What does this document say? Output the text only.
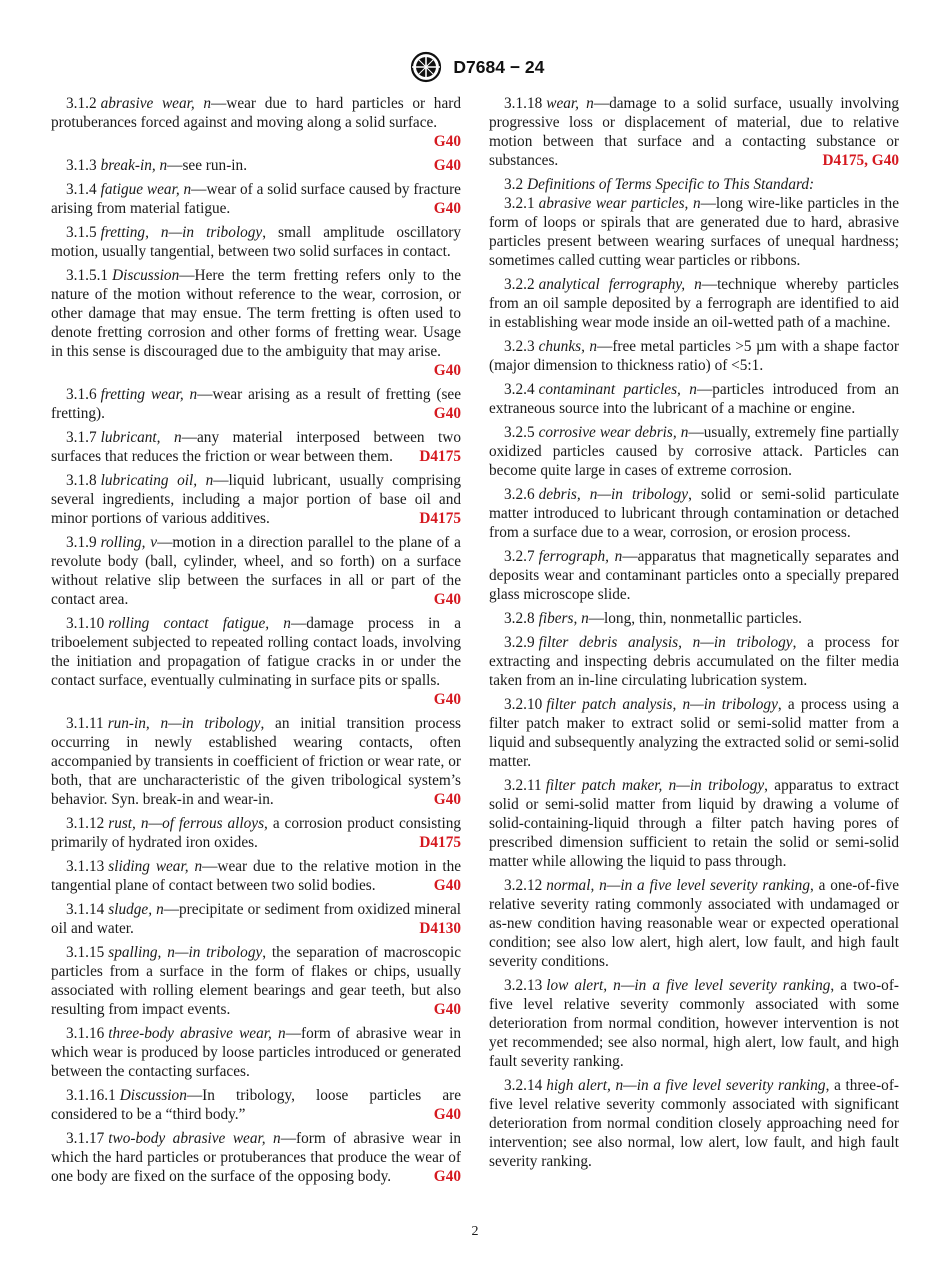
D7684 − 24

3.1.2 abrasive wear, n—wear due to hard particles or hard protuberances forced against and moving along a solid surface.
G40

3.1.3 break-in, n—see run-in.	G40

3.1.4 fatigue wear, n—wear of a solid surface caused by fracture arising from material fatigue.	G40

3.1.5 fretting, n—in tribology, small amplitude oscillatory motion, usually tangential, between two solid surfaces in contact.

3.1.5.1 Discussion—Here the term fretting refers only to the nature of the motion without reference to the wear, corrosion, or other damage that may ensue. The term fretting is often used to denote fretting corrosion and other forms of fretting wear. Usage in this sense is discouraged due to the ambiguity that may arise.
G40

3.1.6 fretting wear, n—wear arising as a result of fretting (see fretting).	G40

3.1.7 lubricant, n—any material interposed between two surfaces that reduces the friction or wear between them. D4175

3.1.8 lubricating oil, n—liquid lubricant, usually comprising several ingredients, including a major portion of base oil and minor portions of various additives.	D4175

3.1.9 rolling, v—motion in a direction parallel to the plane of a revolute body (ball, cylinder, wheel, and so forth) on a surface without relative slip between the surfaces in all or part of the contact area.	G40

3.1.10 rolling contact fatigue, n—damage process in a triboelement subjected to repeated rolling contact loads, involving the initiation and propagation of fatigue cracks in or under the contact surface, eventually culminating in surface pits or spalls.
G40

3.1.11 run-in, n—in tribology, an initial transition process occurring in newly established wearing contacts, often accompanied by transients in coefficient of friction or wear rate, or both, that are uncharacteristic of the given tribological system’s behavior. Syn. break-in and wear-in.	G40

3.1.12 rust, n—of ferrous alloys, a corrosion product consisting primarily of hydrated iron oxides.	D4175

3.1.13 sliding wear, n—wear due to the relative motion in the tangential plane of contact between two solid bodies.	G40

3.1.14 sludge, n—precipitate or sediment from oxidized mineral oil and water.	D4130

3.1.15 spalling, n—in tribology, the separation of macroscopic particles from a surface in the form of flakes or chips, usually associated with rolling element bearings and gear teeth, but also resulting from impact events.	G40

3.1.16 three-body abrasive wear, n—form of abrasive wear in which wear is produced by loose particles introduced or generated between the contacting surfaces.

3.1.16.1 Discussion—In tribology, loose particles are considered to be a “third body.”	G40

3.1.17 two-body abrasive wear, n—form of abrasive wear in which the hard particles or protuberances that produce the wear of one body are fixed on the surface of the opposing body.	G40

3.1.18 wear, n—damage to a solid surface, usually involving progressive loss or displacement of material, due to relative motion between that surface and a contacting substance or substances.	D4175, G40

3.2 Definitions of Terms Specific to This Standard:

3.2.1 abrasive wear particles, n—long wire-like particles in the form of loops or spirals that are generated due to hard, abrasive particles present between wearing surfaces of unequal hardness; sometimes called cutting wear particles or ribbons.

3.2.2 analytical ferrography, n—technique whereby particles from an oil sample deposited by a ferrograph are identified to aid in establishing wear mode inside an oil-wetted path of a machine.

3.2.3 chunks, n—free metal particles >5 µm with a shape factor (major dimension to thickness ratio) of <5:1.

3.2.4 contaminant particles, n—particles introduced from an extraneous source into the lubricant of a machine or engine.

3.2.5 corrosive wear debris, n—usually, extremely fine partially oxidized particles caused by corrosive attack. Particles can become quite large in cases of extreme corrosion.

3.2.6 debris, n—in tribology, solid or semi-solid particulate matter introduced to lubricant through contamination or detached from a surface due to a wear, corrosion, or erosion process.

3.2.7 ferrograph, n—apparatus that magnetically separates and deposits wear and contaminant particles onto a specially prepared glass microscope slide.

3.2.8 fibers, n—long, thin, nonmetallic particles.

3.2.9 filter debris analysis, n—in tribology, a process for extracting and inspecting debris accumulated on the filter media taken from an in-line circulating lubrication system.

3.2.10 filter patch analysis, n—in tribology, a process using a filter patch maker to extract solid or semi-solid matter from a liquid and subsequently analyzing the extracted solid or semi-solid matter.

3.2.11 filter patch maker, n—in tribology, apparatus to extract solid or semi-solid matter from liquid by drawing a volume of solid-containing-liquid through a filter patch having pores of prescribed dimension sufficient to retain the solid or semi-solid matter while allowing the liquid to pass through.

3.2.12 normal, n—in a five level severity ranking, a one-of-five relative severity rating commonly associated with undamaged or as-new condition having reasonable wear or expected operational condition; see also low alert, high alert, low fault, and high fault severity conditions.

3.2.13 low alert, n—in a five level severity ranking, a two-of-five level relative severity commonly associated with some deterioration from normal condition, however intervention is not yet recommended; see also normal, high alert, low fault, and high fault severity ranking.

3.2.14 high alert, n—in a five level severity ranking, a three-of-five level relative severity commonly associated with significant deterioration from normal condition closely approaching need for intervention; see also normal, low alert, low fault, and high fault severity ranking.

2
